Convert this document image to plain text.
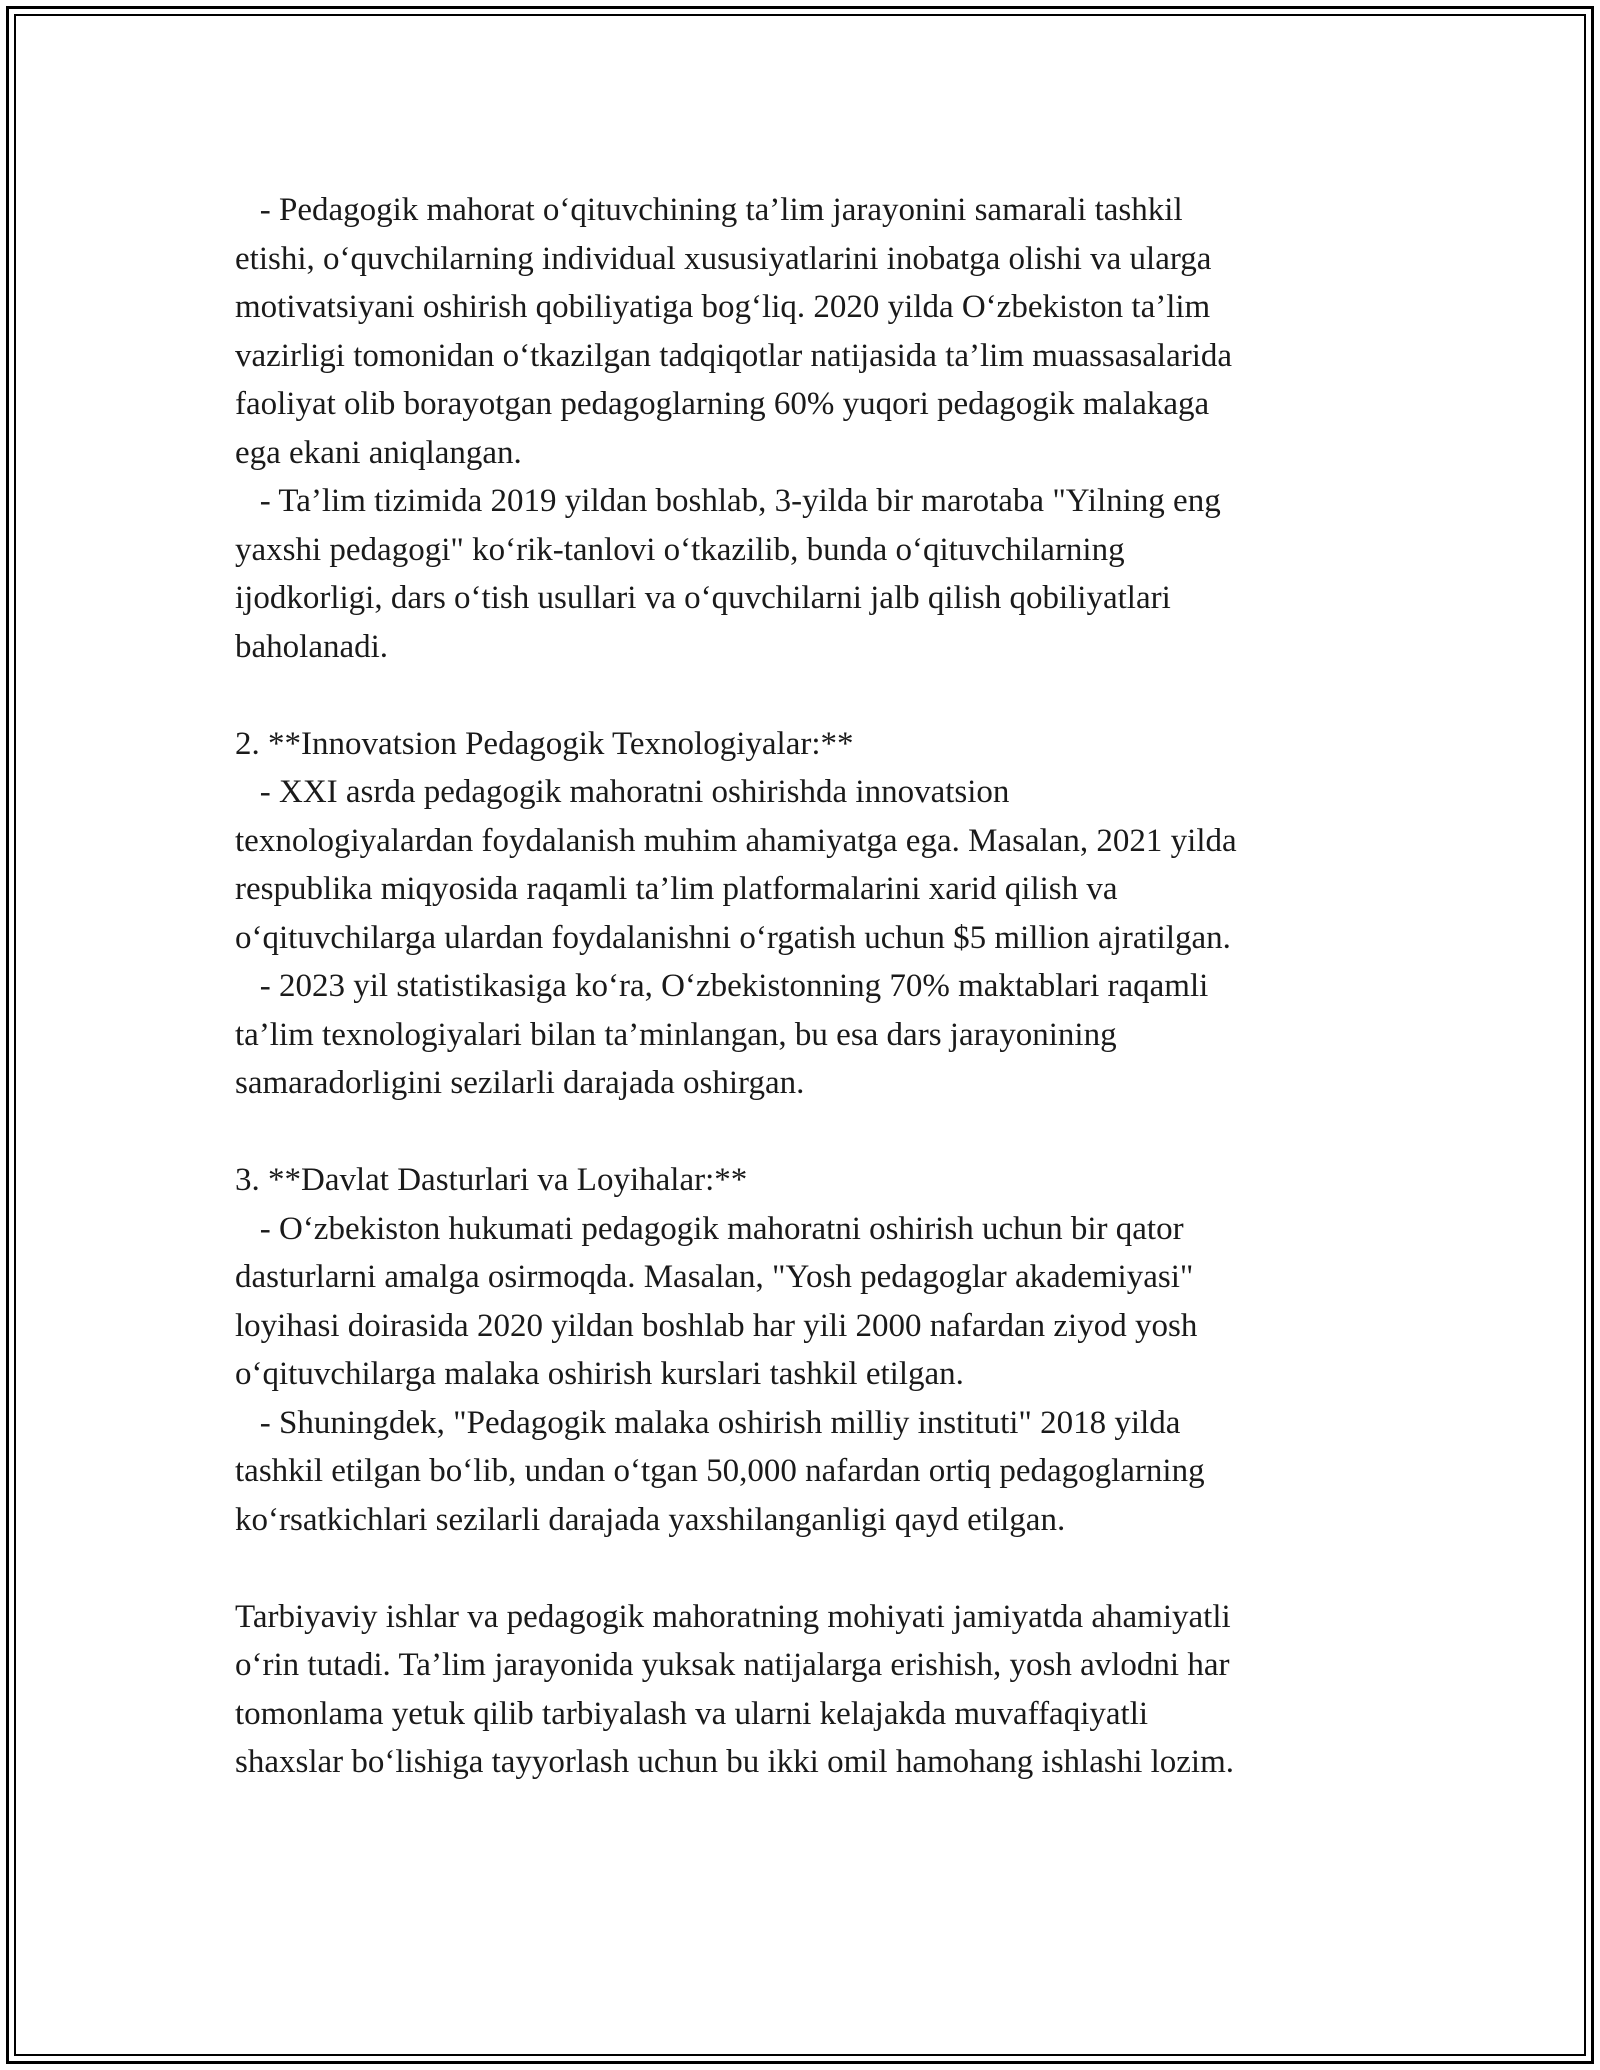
- Pedagogik mahorat o‘qituvchining ta’lim jarayonini samarali tashkil
etishi, o‘quvchilarning individual xususiyatlarini inobatga olishi va ularga
motivatsiyani oshirish qobiliyatiga bog‘liq. 2020 yilda O‘zbekiston ta’lim
vazirligi tomonidan o‘tkazilgan tadqiqotlar natijasida ta’lim muassasalarida
faoliyat olib borayotgan pedagoglarning 60% yuqori pedagogik malakaga
ega ekani aniqlangan.
- Ta’lim tizimida 2019 yildan boshlab, 3-yilda bir marotaba "Yilning eng
yaxshi pedagogi" ko‘rik-tanlovi o‘tkazilib, bunda o‘qituvchilarning
ijodkorligi, dars o‘tish usullari va o‘quvchilarni jalb qilish qobiliyatlari
baholanadi.
2. **Innovatsion Pedagogik Texnologiyalar:**
- XXI asrda pedagogik mahoratni oshirishda innovatsion
texnologiyalardan foydalanish muhim ahamiyatga ega. Masalan, 2021 yilda
respublika miqyosida raqamli ta’lim platformalarini xarid qilish va
o‘qituvchilarga ulardan foydalanishni o‘rgatish uchun $5 million ajratilgan.
- 2023 yil statistikasiga ko‘ra, O‘zbekistonning 70% maktablari raqamli
ta’lim texnologiyalari bilan ta’minlangan, bu esa dars jarayonining
samaradorligini sezilarli darajada oshirgan.
3. **Davlat Dasturlari va Loyihalar:**
- O‘zbekiston hukumati pedagogik mahoratni oshirish uchun bir qator
dasturlarni amalga osirmoqda. Masalan, "Yosh pedagoglar akademiyasi"
loyihasi doirasida 2020 yildan boshlab har yili 2000 nafardan ziyod yosh
o‘qituvchilarga malaka oshirish kurslari tashkil etilgan.
- Shuningdek, "Pedagogik malaka oshirish milliy instituti" 2018 yilda
tashkil etilgan bo‘lib, undan o‘tgan 50,000 nafardan ortiq pedagoglarning
ko‘rsatkichlari sezilarli darajada yaxshilanganligi qayd etilgan.
Tarbiyaviy ishlar va pedagogik mahoratning mohiyati jamiyatda ahamiyatli
o‘rin tutadi. Ta’lim jarayonida yuksak natijalarga erishish, yosh avlodni har
tomonlama yetuk qilib tarbiyalash va ularni kelajakda muvaffaqiyatli
shaxslar bo‘lishiga tayyorlash uchun bu ikki omil hamohang ishlashi lozim.
